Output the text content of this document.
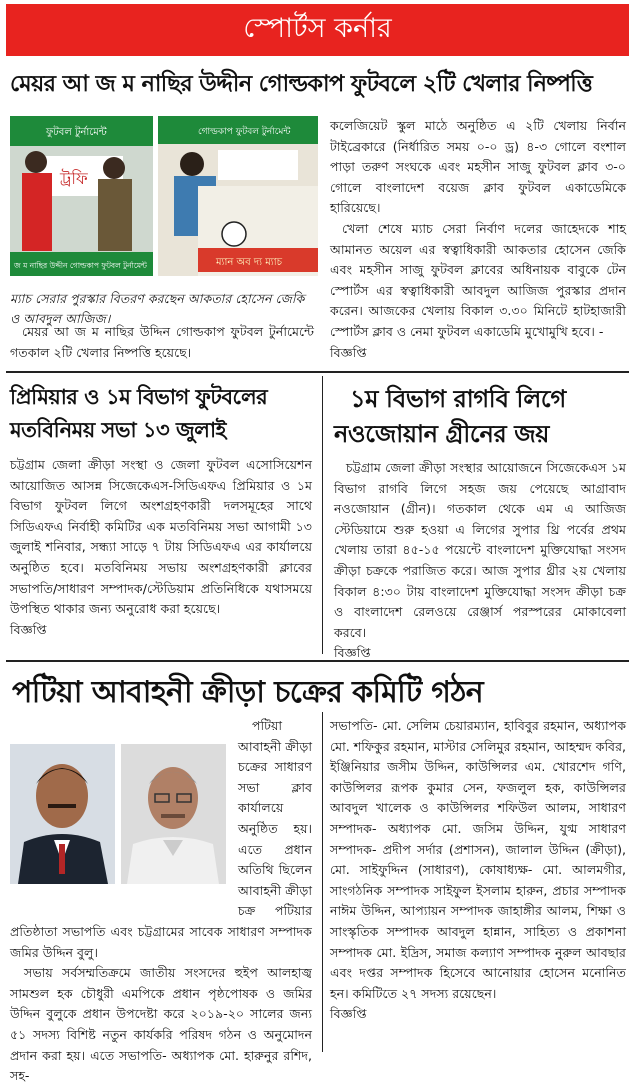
স্পোর্টস কর্নার
মেয়র আ জ ম নাছির উদ্দীন গোল্ডকাপ ফুটবলে ২টি খেলার নিষ্পত্তি
ফুটবল টুর্নামেন্ট
ট্রফি
জ ম নাছির উদ্দীন গোল্ডকাপ ফুটবল টুর্নামেন্ট
গোল্ডকাপ ফুটবল টুর্নামেন্ট
ম্যান অব দ্য ম্যাচ
ম্যাচ সেরার পুরস্কার বিতরণ করছেন আকতার হোসেন জেকি ও আবদুল আজিজ।
মেয়র আ জ ম নাছির উদ্দিন গোল্ডকাপ ফুটবল টুর্নামেন্টে গতকাল ২টি খেলার নিষ্পত্তি হয়েছে।

কলেজিয়েট স্কুল মাঠে অনুষ্ঠিত এ ২টি খেলায় নির্বান টাইব্রেকারে (নির্ধারিত সময় ০-০ ড্র) ৪-৩ গোলে বংশাল পাড়া তরুণ সংঘকে এবং মহসীন সাজু ফুটবল ক্লাব ৩-০ গোলে বাংলাদেশ বয়েজ ক্লাব ফুটবল একাডেমিকে হারিয়েছে।

খেলা শেষে ম্যাচ সেরা নির্বাণ দলের জাহেদকে শাহ আমানত অয়েল এর স্বত্বাধিকারী আকতার হোসেন জেকি এবং মহসীন সাজু ফুটবল ক্লাবের অধিনায়ক বাবুকে টেন স্পোর্টস এর স্বত্বাধিকারী আবদুল আজিজ পুরস্কার প্রদান করেন। আজকের খেলায় বিকাল ৩.৩০ মিনিটে হাটহাজারী স্পোর্টস ক্লাব ও নেমা ফুটবল একাডেমি মুখোমুখি হবে। -

বিজ্ঞপ্তি

প্রিমিয়ার ও ১ম বিভাগ ফুটবলের
মতবিনিময় সভা ১৩ জুলাই

চট্টগ্রাম জেলা ক্রীড়া সংস্থা ও জেলা ফুটবল এসোসিয়েশন আয়োজিত আসন্ন সিজেকেএস-সিডিএফএ প্রিমিয়ার ও ১ম বিভাগ ফুটবল লিগে অংশগ্রহণকারী দলসমূহের সাথে সিডিএফএ নির্বাহী কমিটির এক মতবিনিময় সভা আগামী ১৩ জুলাই শনিবার, সন্ধ্যা সাড়ে ৭ টায় সিডিএফএ এর কার্যালয়ে অনুষ্ঠিত হবে। মতবিনিময় সভায় অংশগ্রহণকারী ক্লাবের সভাপতি/সাধারণ সম্পাদক/স্টেডিয়াম প্রতিনিধিকে যথাসময়ে উপস্থিত থাকার জন্য অনুরোধ করা হয়েছে।

বিজ্ঞপ্তি

১ম বিভাগ রাগবি লিগে
নওজোয়ান গ্রীনের জয়

চট্টগ্রাম জেলা ক্রীড়া সংস্থার আয়োজনে সিজেকেএস ১ম বিভাগ রাগবি লিগে সহজ জয় পেয়েছে আগ্রাবাদ নওজোয়ান (গ্রীন)। গতকাল থেকে এম এ আজিজ স্টেডিয়ামে শুরু হওয়া এ লিগের সুপার থ্রি পর্বের প্রথম খেলায় তারা ৪৫-১৫ পয়েন্টে বাংলাদেশ মুক্তিযোদ্ধা সংসদ ক্রীড়া চক্রকে পরাজিত করে। আজ সুপার থ্রীর ২য় খেলায় বিকাল ৪:৩০ টায় বাংলাদেশ মুক্তিযোদ্ধা সংসদ ক্রীড়া চক্র ও বাংলাদেশ রেলওয়ে রেঞ্জার্স পরস্পরের মোকাবেলা করবে।

বিজ্ঞপ্তি

পটিয়া আবাহনী ক্রীড়া চক্রের কমিটি গঠন

পটিয়া আবাহনী ক্রীড়া চক্রের সাধারণ সভা ক্লাব কার্যালয়ে অনুষ্ঠিত হয়। এতে প্রধান অতিথি ছিলেন আবাহনী ক্রীড়া চক্র পটিয়ার প্রতিষ্ঠাতা সভাপতি এবং চট্টগ্রামের সাবেক সাধারণ সম্পাদক জমির উদ্দিন বুলু।

সভায় সর্বসম্মতিক্রমে জাতীয় সংসদের হুইপ আলহাজ্ব সামশুল হক চৌধুরী এমপিকে প্রধান পৃষ্ঠপোষক ও জমির উদ্দিন বুলুকে প্রধান উপদেষ্টা করে ২০১৯-২০ সালের জন্য ৫১ সদস্য বিশিষ্ট নতুন কার্যকরি পরিষদ গঠন ও অনুমোদন প্রদান করা হয়। এতে সভাপতি- অধ্যাপক মো. হারুনুর রশিদ, সহ-

সভাপতি- মো. সেলিম চেয়ারম্যান, হাবিবুর রহমান, অধ্যাপক মো. শফিকুর রহমান, মাস্টার সেলিমুর রহমান, আহম্মদ কবির, ইঞ্জিনিয়ার জসীম উদ্দিন, কাউন্সিলর এম. খোরশেদ গণি, কাউন্সিলর রূপক কুমার সেন, ফজলুল হক, কাউন্সিলর আবদুল খালেক ও কাউন্সিলর শফিউল আলম, সাধারণ সম্পাদক- অধ্যাপক মো. জসিম উদ্দিন, যুগ্ম সাধারণ সম্পাদক- প্রদীপ সর্দার (প্রশাসন), জালাল উদ্দিন (ক্রীড়া), মো. সাইফুদ্দিন (সাধারণ), কোষাধ্যক্ষ- মো. আলমগীর, সাংগঠনিক সম্পাদক সাইফুল ইসলাম হারুন, প্রচার সম্পাদক নাঈম উদ্দিন, আপ্যায়ন সম্পাদক জাহাঙ্গীর আলম, শিক্ষা ও সাংস্কৃতিক সম্পাদক আবদুল হান্নান, সাহিত্য ও প্রকাশনা সম্পাদক মো. ইদ্রিস, সমাজ কল্যাণ সম্পাদক নুরুল আবছার এবং দপ্তর সম্পাদক হিসেবে আনোয়ার হোসেন মনোনিত হন। কমিটিতে ২৭ সদস্য রয়েছেন।

বিজ্ঞপ্তি
